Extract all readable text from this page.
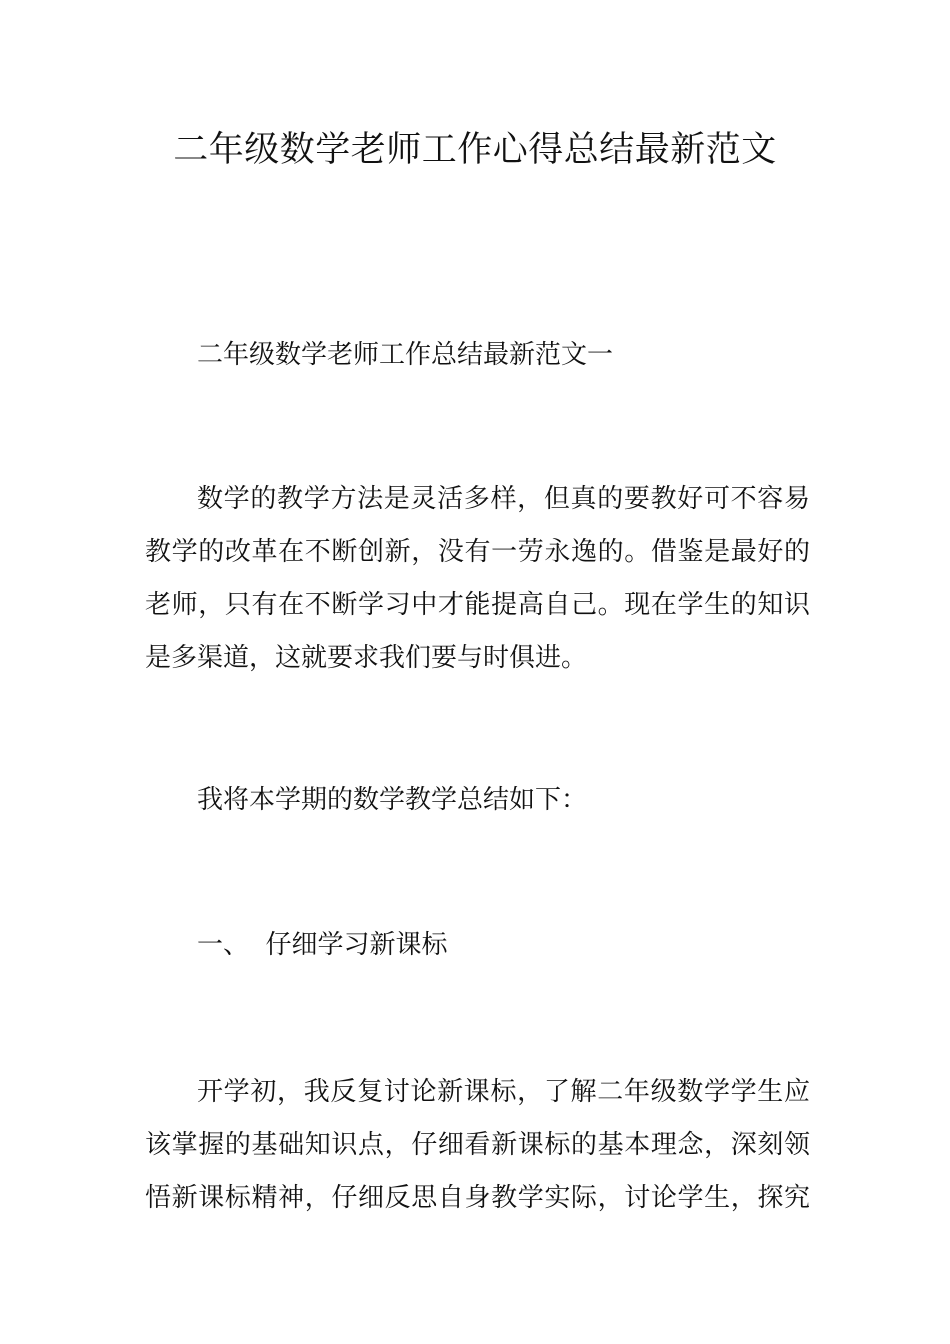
二年级数学老师工作心得总结最新范文

二年级数学老师工作总结最新范文一

数学的教学方法是灵活多样，但真的要教好可不容易
教学的改革在不断创新，没有一劳永逸的。借鉴是最好的
老师，只有在不断学习中才能提高自己。现在学生的知识
是多渠道，这就要求我们要与时俱进。

我将本学期的数学教学总结如下：

一、  仔细学习新课标

开学初，我反复讨论新课标，了解二年级数学学生应
该掌握的基础知识点，仔细看新课标的基本理念，深刻领
悟新课标精神，仔细反思自身教学实际，讨论学生，探究
